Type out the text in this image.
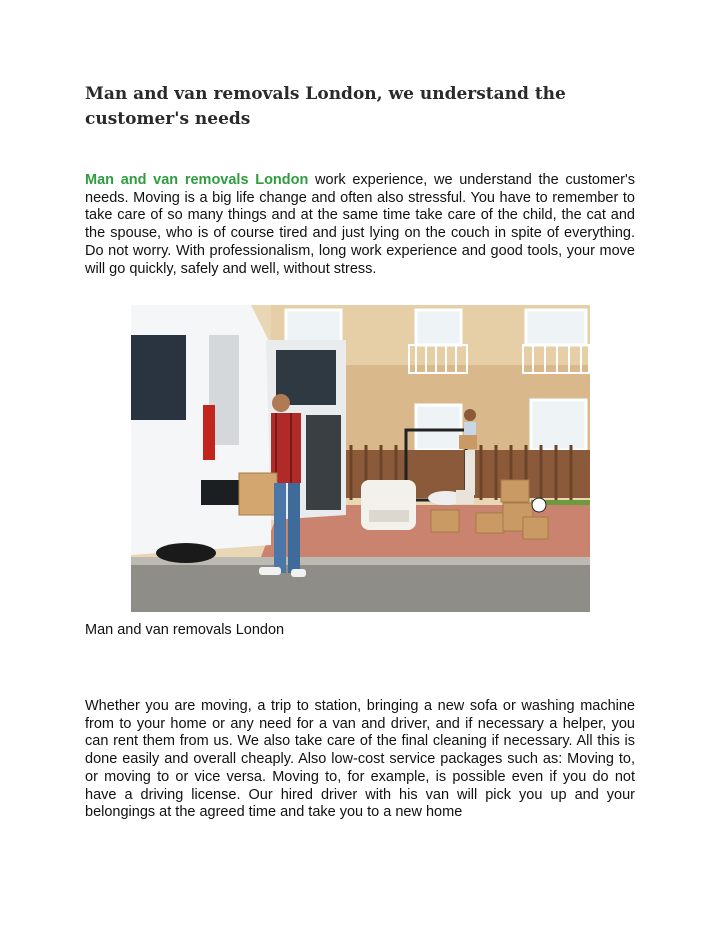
Man and van removals London, we understand the customer's needs

Man and van removals London work experience, we understand the customer's needs. Moving is a big life change and often also stressful. You have to remember to take care of so many things and at the same time take care of the child, the cat and the spouse, who is of course tired and just lying on the couch in spite of everything. Do not worry. With professionalism, long work experience and good tools, your move will go quickly, safely and well, without stress.

Man and van removals London

Whether you are moving, a trip to station, bringing a new sofa or washing machine from to your home or any need for a van and driver, and if necessary a helper, you can rent them from us. We also take care of the final cleaning if necessary. All this is done easily and overall cheaply. Also low-cost service packages such as: Moving to, or moving to or vice versa. Moving to, for example, is possible even if you do not have a driving license. Our hired driver with his van will pick you up and your belongings at the agreed time and take you to a new home
